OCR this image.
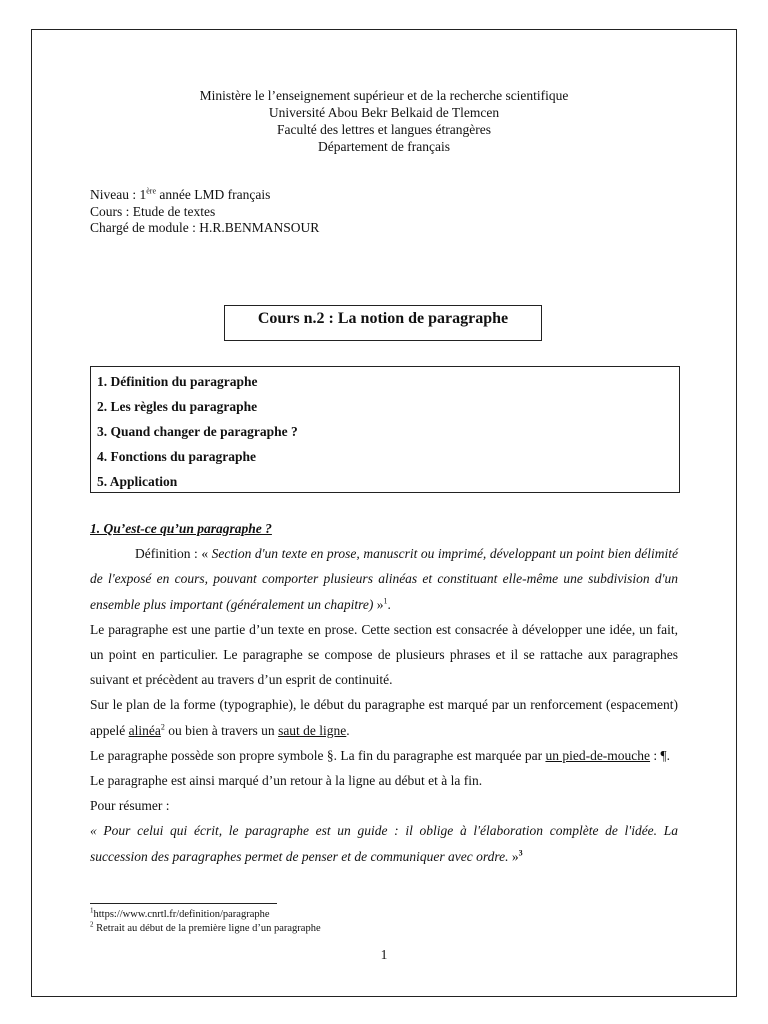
Ministère le l’enseignement supérieur et de la recherche scientifique
Université Abou Bekr Belkaid de Tlemcen
Faculté des lettres et langues étrangères
Département de français
Niveau : 1ère année LMD français
Cours : Etude de textes
Chargé de module : H.R.BENMANSOUR
Cours n.2 : La notion de paragraphe
1. Définition du paragraphe
2. Les règles du paragraphe
3. Quand changer de paragraphe ?
4. Fonctions du paragraphe
5. Application
1. Qu’est-ce qu’un paragraphe ?

Définition : « Section d'un texte en prose, manuscrit ou imprimé, développant un point bien délimité de l'exposé en cours, pouvant comporter plusieurs alinéas et constituant elle-même une subdivision d'un ensemble plus important (généralement un chapitre) »$^1$.

Le paragraphe est une partie d’un texte en prose. Cette section est consacrée à développer une idée, un fait, un point en particulier. Le paragraphe se compose de plusieurs phrases et il se rattache aux paragraphes suivant et précèdent au travers d’un esprit de continuité.

Sur le plan de la forme (typographie), le début du paragraphe est marqué par un renforcement (espacement) appelé alinéa$^2$ ou bien à travers un saut de ligne.

Le paragraphe possède son propre symbole §. La fin du paragraphe est marquée par un pied-de-mouche : ¶.

Le paragraphe est ainsi marqué d’un retour à la ligne au début et à la fin.

Pour résumer :

« Pour celui qui écrit, le paragraphe est un guide : il oblige à l'élaboration complète de l'idée. La succession des paragraphes permet de penser et de communiquer avec ordre. »$^3$

$^1$https://www.cnrtl.fr/definition/paragraphe
$^2$ Retrait au début de la première ligne d’un paragraphe
1
